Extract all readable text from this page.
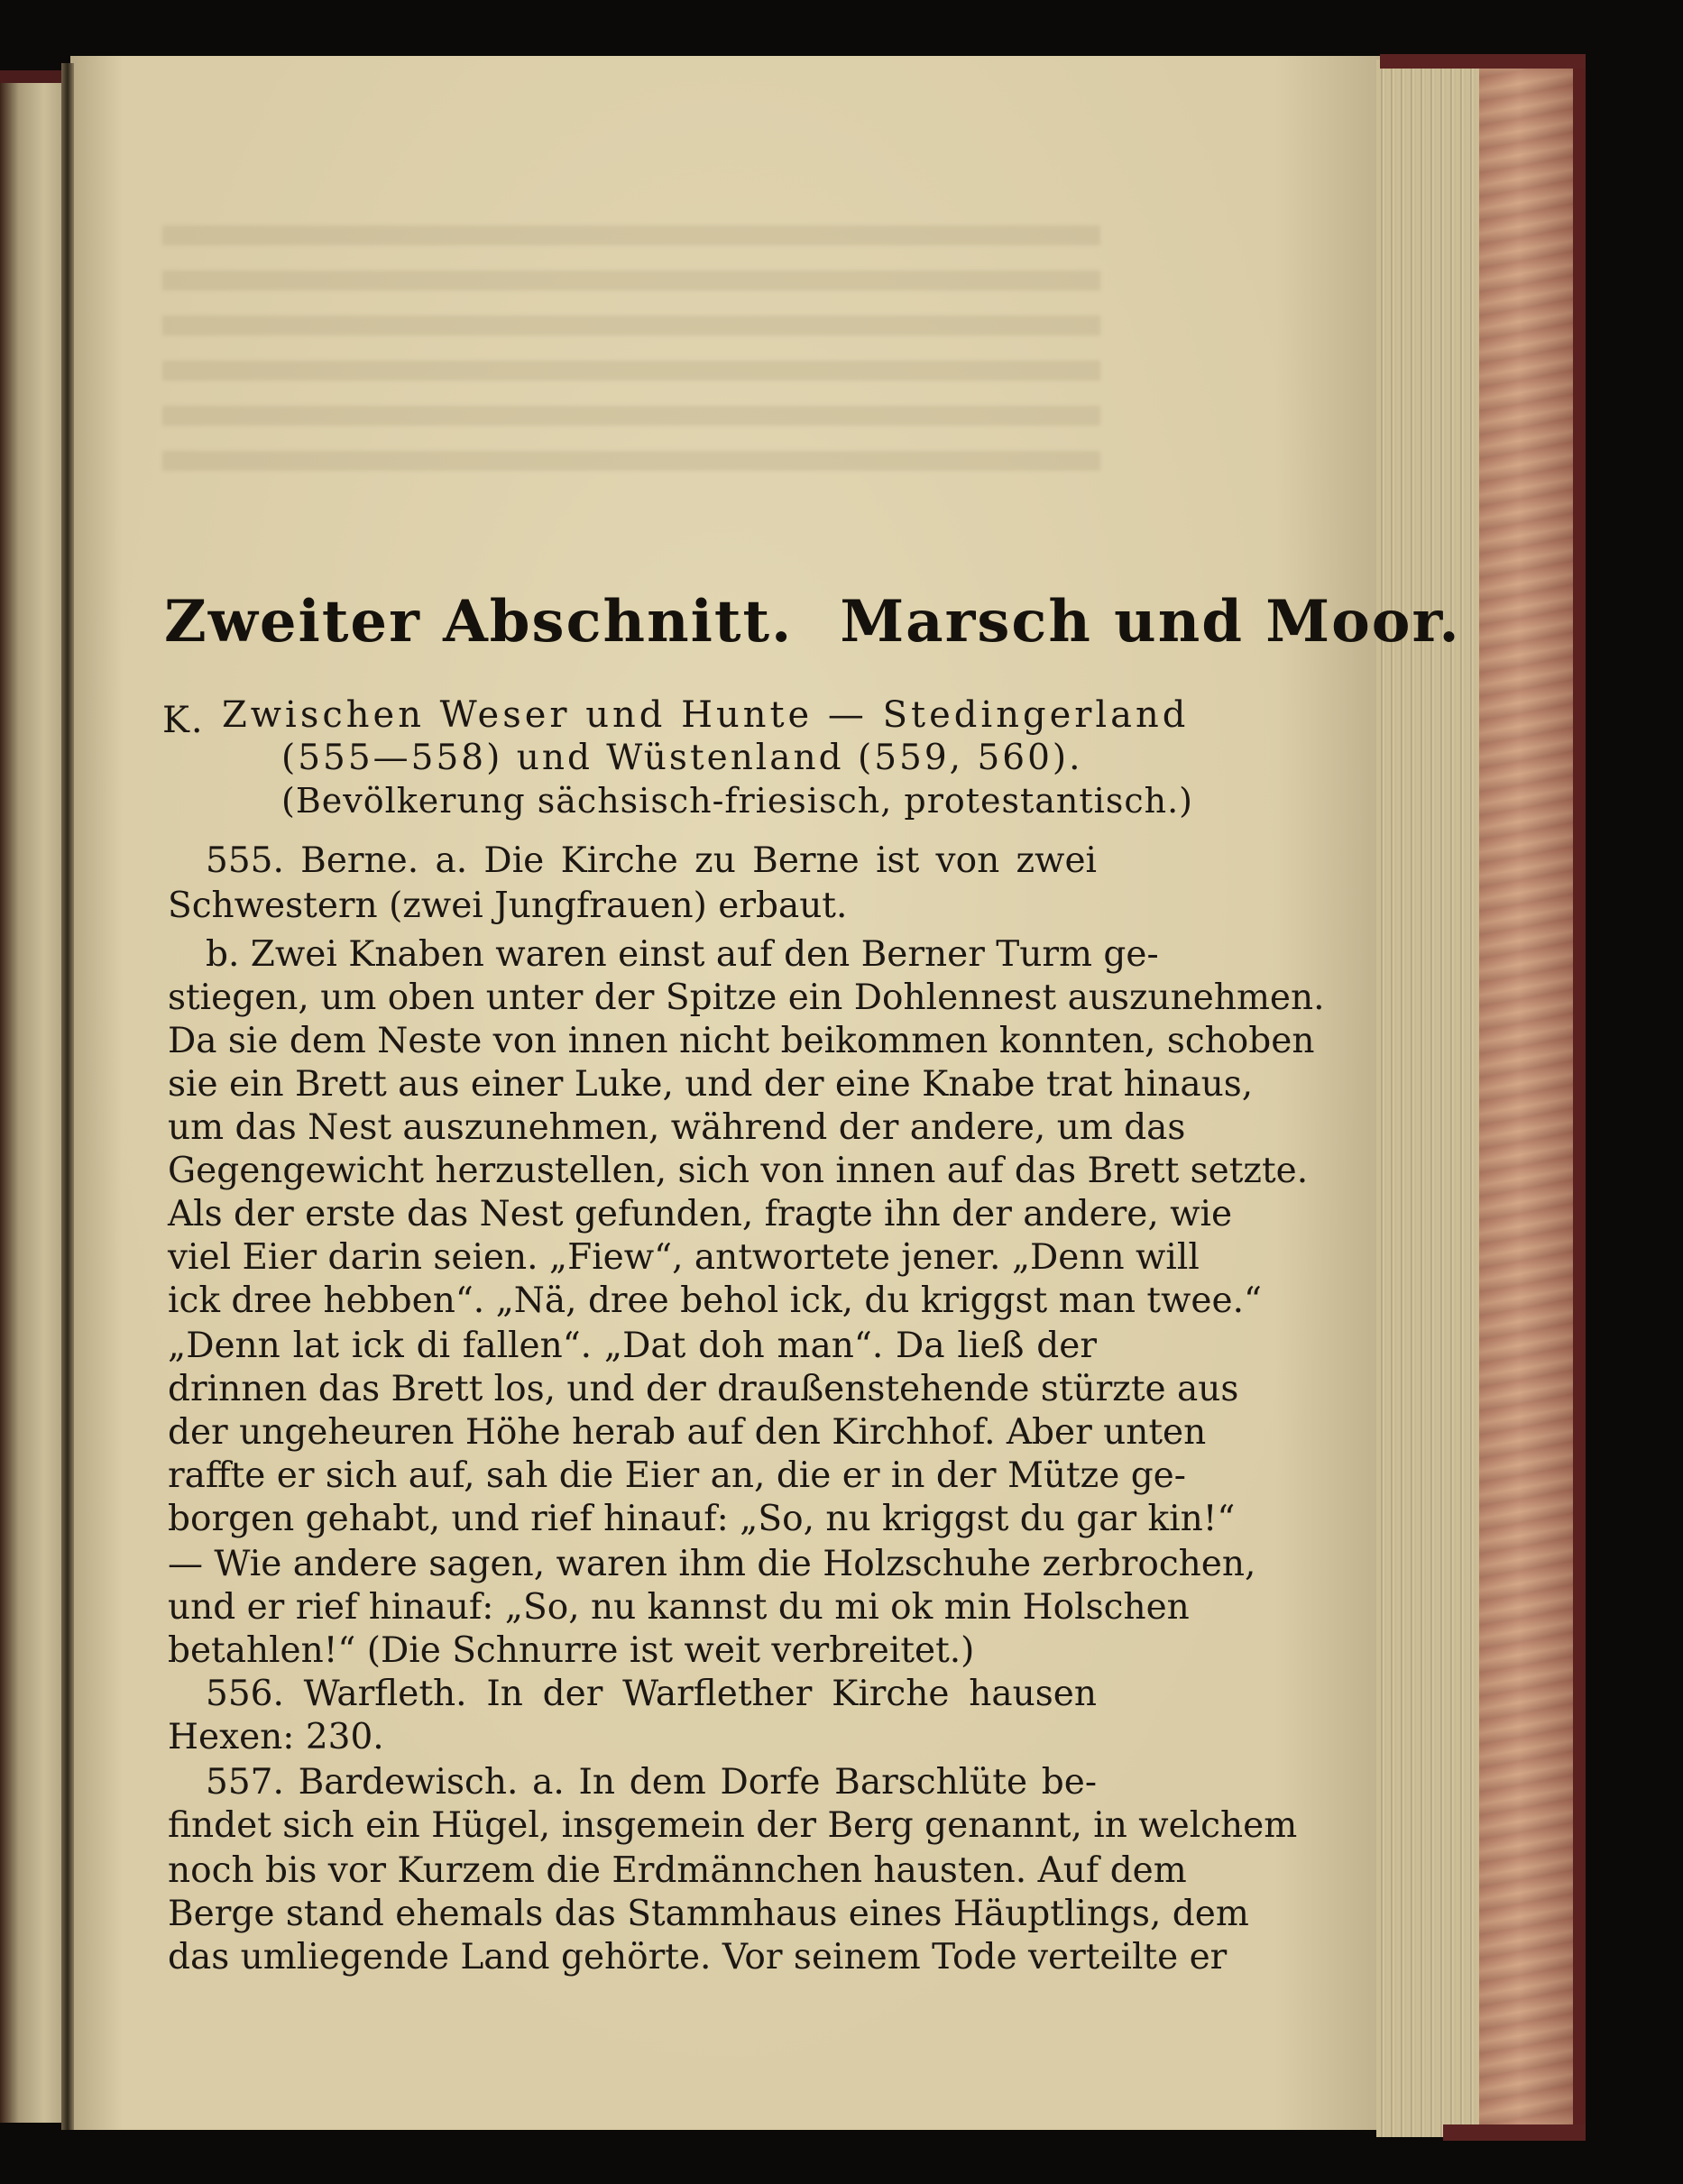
Zweiter Abschnitt. Marsch und Moor.
K. Zwischen Weser und Hunte — Stedingerland
(555—558) und Wüstenland (559, 560).
(Bevölkerung sächsisch-friesisch, protestantisch.)
555. Berne. a. Die Kirche zu Berne ist von zwei
Schwestern (zwei Jungfrauen) erbaut.
b. Zwei Knaben waren einst auf den Berner Turm ge-
stiegen, um oben unter der Spitze ein Dohlennest auszunehmen.
Da sie dem Neste von innen nicht beikommen konnten, schoben
sie ein Brett aus einer Luke, und der eine Knabe trat hinaus,
um das Nest auszunehmen, während der andere, um das
Gegengewicht herzustellen, sich von innen auf das Brett setzte.
Als der erste das Nest gefunden, fragte ihn der andere, wie
viel Eier darin seien. „Fiew“, antwortete jener. „Denn will
ick dree hebben“. „Nä, dree behol ick, du kriggst man twee.“
„Denn lat ick di fallen“. „Dat doh man“. Da ließ der
drinnen das Brett los, und der draußenstehende stürzte aus
der ungeheuren Höhe herab auf den Kirchhof. Aber unten
raffte er sich auf, sah die Eier an, die er in der Mütze ge-
borgen gehabt, und rief hinauf: „So, nu kriggst du gar kin!“
— Wie andere sagen, waren ihm die Holzschuhe zerbrochen,
und er rief hinauf: „So, nu kannst du mi ok min Holschen
betahlen!“ (Die Schnurre ist weit verbreitet.)
556. Warfleth. In der Warflether Kirche hausen
Hexen: 230.
557. Bardewisch. a. In dem Dorfe Barschlüte be-
findet sich ein Hügel, insgemein der Berg genannt, in welchem
noch bis vor Kurzem die Erdmännchen hausten. Auf dem
Berge stand ehemals das Stammhaus eines Häuptlings, dem
das umliegende Land gehörte. Vor seinem Tode verteilte er
